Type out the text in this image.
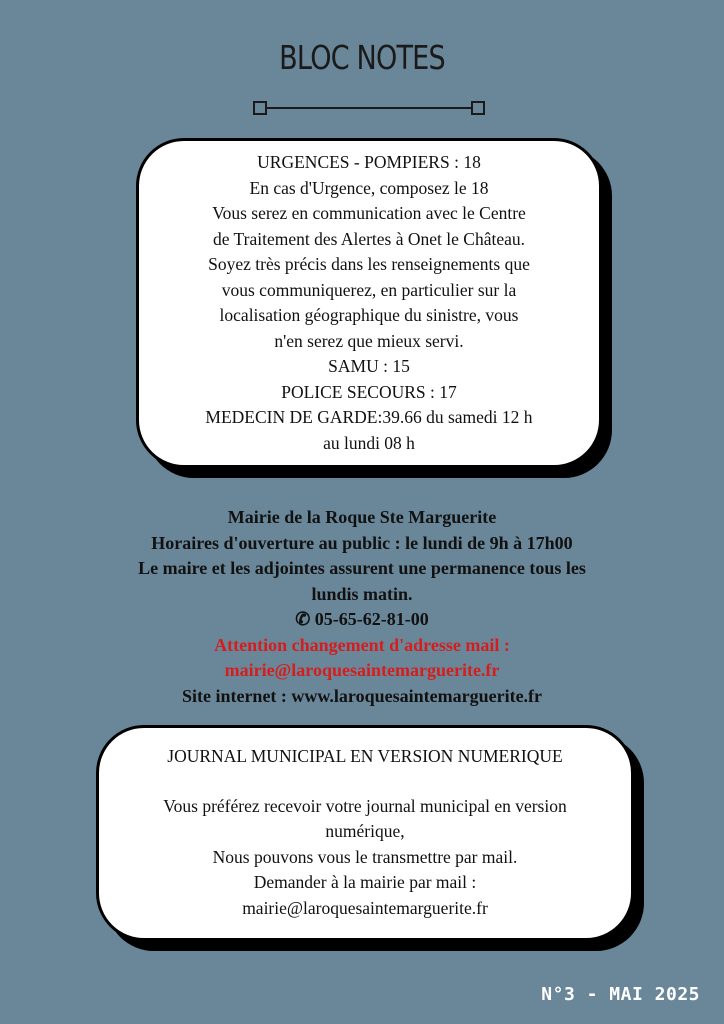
BLOC NOTES
URGENCES - POMPIERS : 18
En cas d'Urgence, composez le 18
Vous serez en communication avec le Centre
de Traitement des Alertes à Onet le Château.
Soyez très précis dans les renseignements que
vous communiquerez, en particulier sur la
localisation géographique du sinistre, vous
n'en serez que mieux servi.
SAMU : 15
POLICE SECOURS : 17
MEDECIN DE GARDE:39.66 du samedi 12 h
au lundi 08 h
Mairie de la Roque Ste Marguerite
Horaires d'ouverture au public : le lundi de 9h à 17h00
Le maire et les adjointes assurent une permanence tous les
lundis matin.
✆ 05-65-62-81-00
Attention changement d'adresse mail :
mairie@laroquesaintemarguerite.fr
Site internet : www.laroquesaintemarguerite.fr
JOURNAL MUNICIPAL EN VERSION NUMERIQUE
Vous préférez recevoir votre journal municipal en version
numérique,
Nous pouvons vous le transmettre par mail.
Demander à la mairie par mail :
mairie@laroquesaintemarguerite.fr
N°3 - MAI 2025
